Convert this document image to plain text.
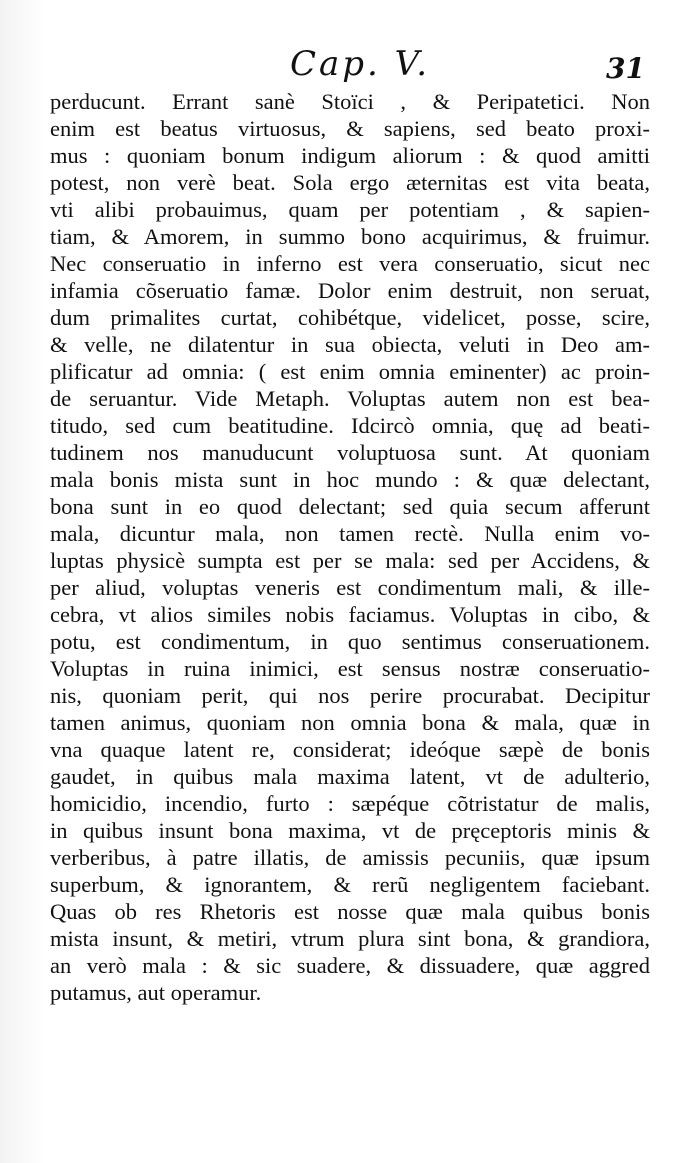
Cap. V.	31
perducunt. Errant sanè Stoïci , & Peripatetici. Non
enim est beatus virtuosus, & sapiens, sed beato proxi-
mus : quoniam bonum indigum aliorum : & quod amitti
potest, non verè beat. Sola ergo æternitas est vita beata,
vti alibi probauimus, quam per potentiam , & sapien-
tiam, & Amorem, in summo bono acquirimus, & fruimur.
Nec conseruatio in inferno est vera conseruatio, sicut nec
infamia cõseruatio famæ. Dolor enim destruit, non seruat,
dum primalites curtat, cohibétque, videlicet, posse, scire,
& velle, ne dilatentur in sua obiecta, veluti in Deo am-
plificatur ad omnia: ( est enim omnia eminenter) ac proin-
de seruantur. Vide Metaph. Voluptas autem non est bea-
titudo, sed cum beatitudine. Idcircò omnia, quę ad beati-
tudinem nos manuducunt voluptuosa sunt. At quoniam
mala bonis mista sunt in hoc mundo : & quæ delectant,
bona sunt in eo quod delectant; sed quia secum afferunt
mala, dicuntur mala, non tamen rectè. Nulla enim vo-
luptas physicè sumpta est per se mala: sed per Accidens, &
per aliud, voluptas veneris est condimentum mali, & ille-
cebra, vt alios similes nobis faciamus. Voluptas in cibo, &
potu, est condimentum, in quo sentimus conseruationem.
Voluptas in ruina inimici, est sensus nostræ conseruatio-
nis, quoniam perit, qui nos perire procurabat. Decipitur
tamen animus, quoniam non omnia bona & mala, quæ in
vna quaque latent re, considerat; ideóque sæpè de bonis
gaudet, in quibus mala maxima latent, vt de adulterio,
homicidio, incendio, furto : sæpéque cõtristatur de malis,
in quibus insunt bona maxima, vt de pręceptoris minis &
verberibus, à patre illatis, de amissis pecuniis, quæ ipsum
superbum, & ignorantem, & rerũ negligentem faciebant.
Quas ob res Rhetoris est nosse quæ mala quibus bonis
mista insunt, & metiri, vtrum plura sint bona, & grandiora,
an verò mala : & sic suadere, & dissuadere, quæ aggred
putamus, aut operamur.
